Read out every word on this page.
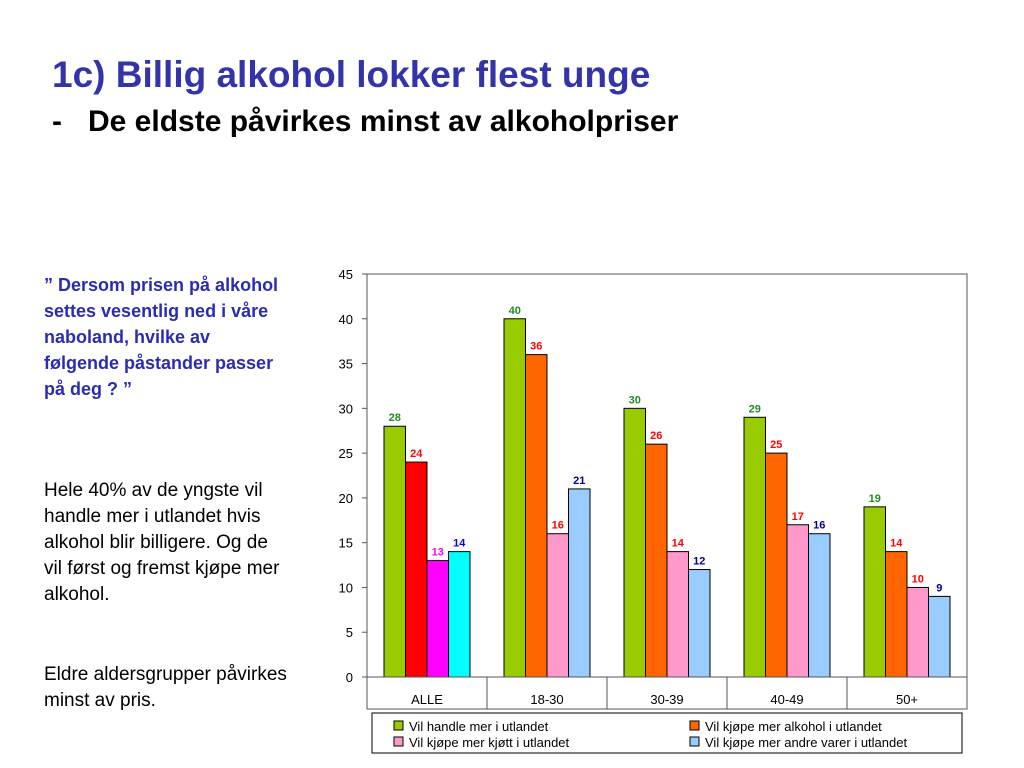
1c) Billig alkohol lokker flest unge
- De eldste påvirkes minst av alkoholpriser

” Dersom prisen på alkohol settes vesentlig ned i våre naboland, hvilke av følgende påstander passer på deg ? ”

Hele 40% av de yngste vil handle mer i utlandet hvis alkohol blir billigere. Og de vil først og fremst kjøpe mer alkohol.

Eldre aldersgrupper påvirkes minst av pris.

0
5
10
15
20
25
30
35
40
45
28
24
13
14
40
36
16
21
30
26
14
12
29
25
17
16
19
14
10
9
ALLE	18-30	30-39	40-49	50+
Vil handle mer i utlandet	Vil kjøpe mer alkohol i utlandet
Vil kjøpe mer kjøtt i utlandet	Vil kjøpe mer andre varer i utlandet
